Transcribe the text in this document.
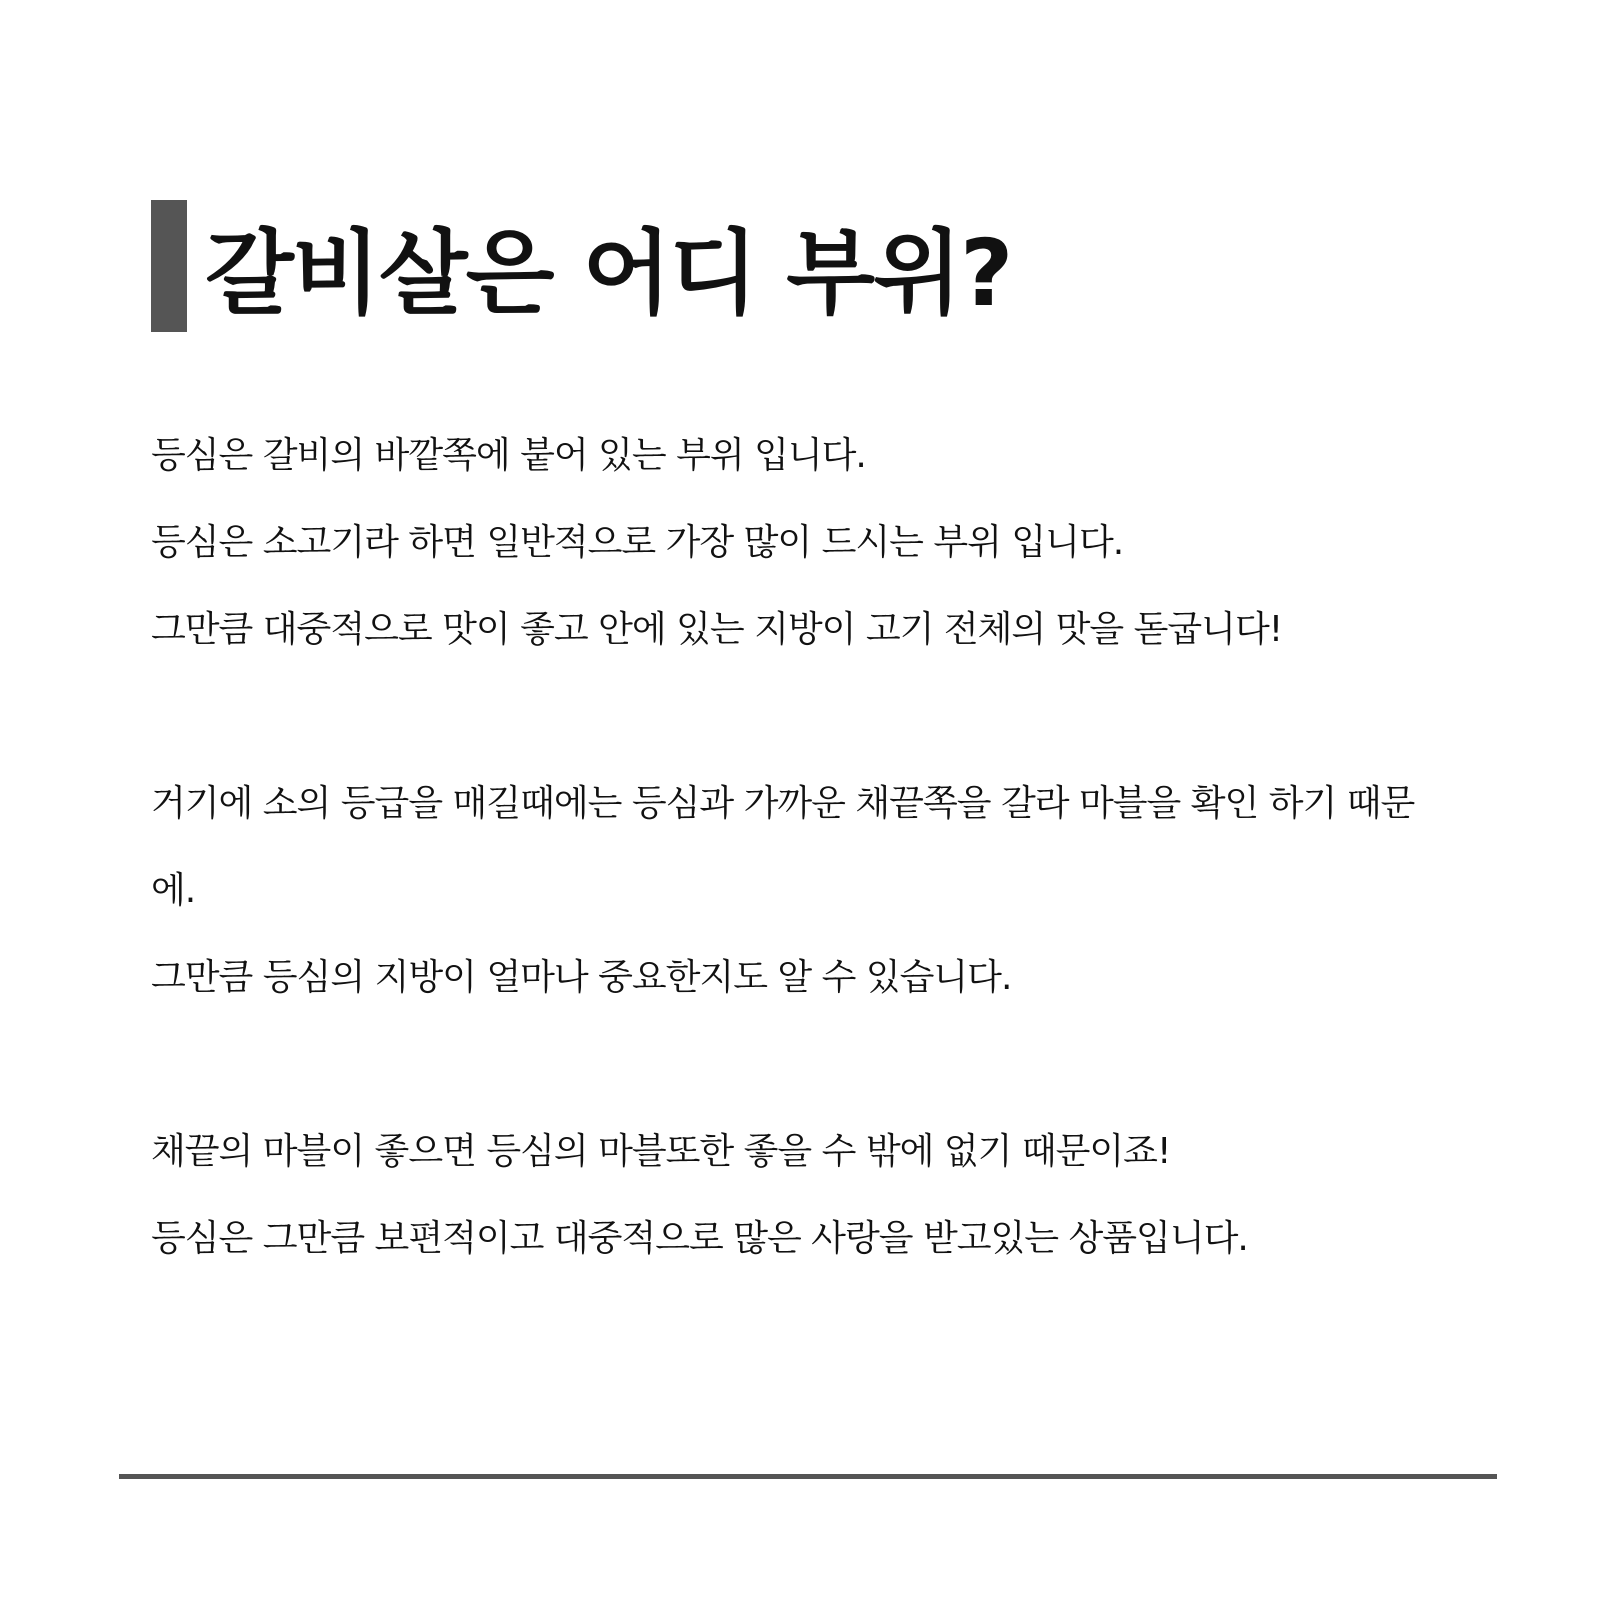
갈비살은 어디 부위?
등심은 갈비의 바깥쪽에 붙어 있는 부위 입니다.
등심은 소고기라 하면 일반적으로 가장 많이 드시는 부위 입니다.
그만큼 대중적으로 맛이 좋고 안에 있는 지방이 고기 전체의 맛을 돋굽니다!
거기에 소의 등급을 매길때에는 등심과 가까운 채끝쪽을 갈라 마블을 확인 하기 때문
에.
그만큼 등심의 지방이 얼마나 중요한지도 알 수 있습니다.
채끝의 마블이 좋으면 등심의 마블또한 좋을 수 밖에 없기 때문이죠!
등심은 그만큼 보편적이고 대중적으로 많은 사랑을 받고있는 상품입니다.
